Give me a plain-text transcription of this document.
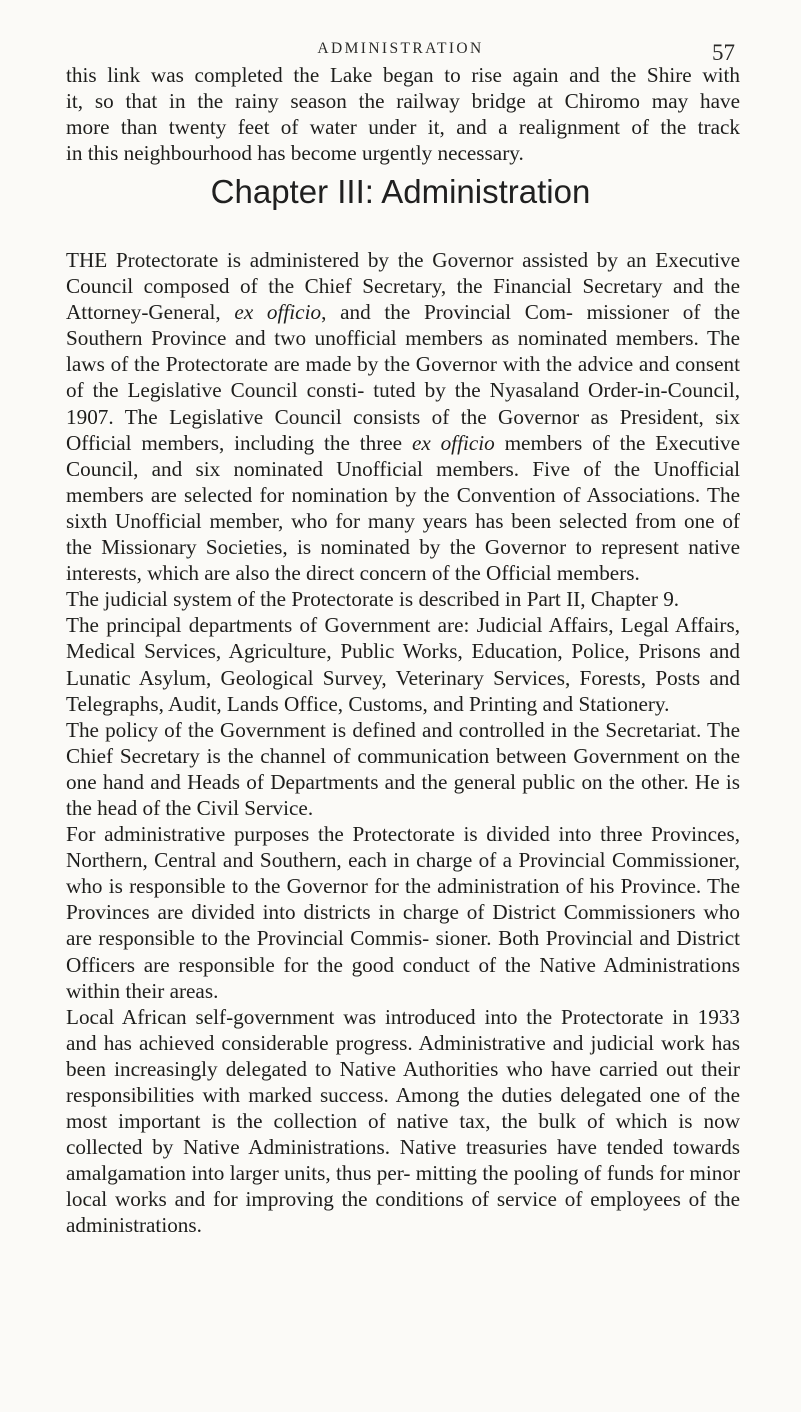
ADMINISTRATION	57

this link was completed the Lake began to rise again and the Shire with

it, so that in the rainy season the railway bridge at Chiromo may have

more than twenty feet of water under it, and a realignment of the track

in this neighbourhood has become urgently necessary.

Chapter III: Administration

THE Protectorate is administered by the Governor assisted by an Executive Council composed of the Chief Secretary, the Financial Secretary and the Attorney-General, ex officio, and the Provincial Com- missioner of the Southern Province and two unofficial members as nominated members. The laws of the Protectorate are made by the Governor with the advice and consent of the Legislative Council consti- tuted by the Nyasaland Order-in-Council, 1907. The Legislative Council consists of the Governor as President, six Official members, including the three ex officio members of the Executive Council, and six nominated Unofficial members. Five of the Unofficial members are selected for nomination by the Convention of Associations. The sixth Unofficial member, who for many years has been selected from one of the Missionary Societies, is nominated by the Governor to represent native interests, which are also the direct concern of the Official members.

The judicial system of the Protectorate is described in Part II, Chapter 9.

The principal departments of Government are: Judicial Affairs, Legal Affairs, Medical Services, Agriculture, Public Works, Education, Police, Prisons and Lunatic Asylum, Geological Survey, Veterinary Services, Forests, Posts and Telegraphs, Audit, Lands Office, Customs, and Printing and Stationery.

The policy of the Government is defined and controlled in the Secretariat. The Chief Secretary is the channel of communication between Government on the one hand and Heads of Departments and the general public on the other. He is the head of the Civil Service.

For administrative purposes the Protectorate is divided into three Provinces, Northern, Central and Southern, each in charge of a Provincial Commissioner, who is responsible to the Governor for the administration of his Province. The Provinces are divided into districts in charge of District Commissioners who are responsible to the Provincial Commis- sioner. Both Provincial and District Officers are responsible for the good conduct of the Native Administrations within their areas.

Local African self-government was introduced into the Protectorate in 1933 and has achieved considerable progress. Administrative and judicial work has been increasingly delegated to Native Authorities who have carried out their responsibilities with marked success. Among the duties delegated one of the most important is the collection of native tax, the bulk of which is now collected by Native Administrations. Native treasuries have tended towards amalgamation into larger units, thus per- mitting the pooling of funds for minor local works and for improving the conditions of service of employees of the administrations.
